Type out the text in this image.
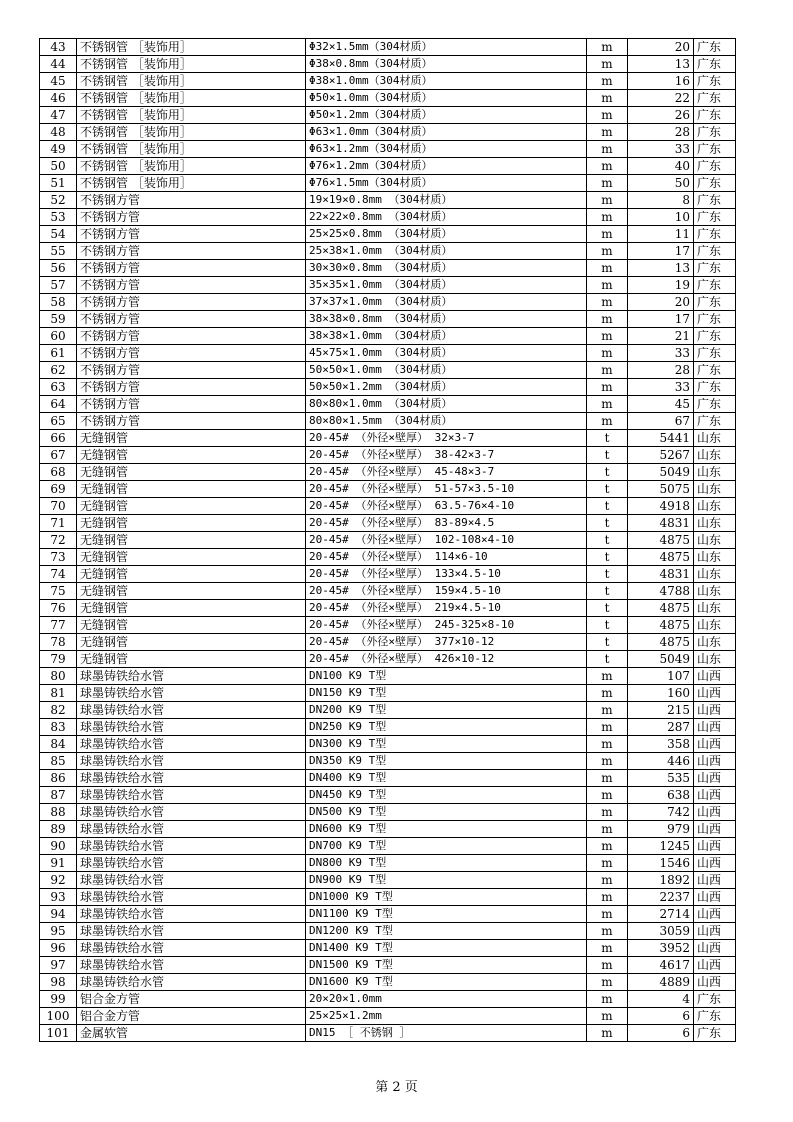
43	不锈钢管 ［装饰用］	Φ32×1.5mm（304材质）	m	20	广东
44	不锈钢管 ［装饰用］	Φ38×0.8mm（304材质）	m	13	广东
45	不锈钢管 ［装饰用］	Φ38×1.0mm（304材质）	m	16	广东
46	不锈钢管 ［装饰用］	Φ50×1.0mm（304材质）	m	22	广东
47	不锈钢管 ［装饰用］	Φ50×1.2mm（304材质）	m	26	广东
48	不锈钢管 ［装饰用］	Φ63×1.0mm（304材质）	m	28	广东
49	不锈钢管 ［装饰用］	Φ63×1.2mm（304材质）	m	33	广东
50	不锈钢管 ［装饰用］	Φ76×1.2mm（304材质）	m	40	广东
51	不锈钢管 ［装饰用］	Φ76×1.5mm（304材质）	m	50	广东
52	不锈钢方管	19×19×0.8mm （304材质）	m	8	广东
53	不锈钢方管	22×22×0.8mm （304材质）	m	10	广东
54	不锈钢方管	25×25×0.8mm （304材质）	m	11	广东
55	不锈钢方管	25×38×1.0mm （304材质）	m	17	广东
56	不锈钢方管	30×30×0.8mm （304材质）	m	13	广东
57	不锈钢方管	35×35×1.0mm （304材质）	m	19	广东
58	不锈钢方管	37×37×1.0mm （304材质）	m	20	广东
59	不锈钢方管	38×38×0.8mm （304材质）	m	17	广东
60	不锈钢方管	38×38×1.0mm （304材质）	m	21	广东
61	不锈钢方管	45×75×1.0mm （304材质）	m	33	广东
62	不锈钢方管	50×50×1.0mm （304材质）	m	28	广东
63	不锈钢方管	50×50×1.2mm （304材质）	m	33	广东
64	不锈钢方管	80×80×1.0mm （304材质）	m	45	广东
65	不锈钢方管	80×80×1.5mm （304材质）	m	67	广东
66	无缝钢管	20-45# （外径×壁厚） 32×3-7	t	5441	山东
67	无缝钢管	20-45# （外径×壁厚） 38-42×3-7	t	5267	山东
68	无缝钢管	20-45# （外径×壁厚） 45-48×3-7	t	5049	山东
69	无缝钢管	20-45# （外径×壁厚） 51-57×3.5-10	t	5075	山东
70	无缝钢管	20-45# （外径×壁厚） 63.5-76×4-10	t	4918	山东
71	无缝钢管	20-45# （外径×壁厚） 83-89×4.5	t	4831	山东
72	无缝钢管	20-45# （外径×壁厚） 102-108×4-10	t	4875	山东
73	无缝钢管	20-45# （外径×壁厚） 114×6-10	t	4875	山东
74	无缝钢管	20-45# （外径×壁厚） 133×4.5-10	t	4831	山东
75	无缝钢管	20-45# （外径×壁厚） 159×4.5-10	t	4788	山东
76	无缝钢管	20-45# （外径×壁厚） 219×4.5-10	t	4875	山东
77	无缝钢管	20-45# （外径×壁厚） 245-325×8-10	t	4875	山东
78	无缝钢管	20-45# （外径×壁厚） 377×10-12	t	4875	山东
79	无缝钢管	20-45# （外径×壁厚） 426×10-12	t	5049	山东
80	球墨铸铁给水管	DN100 K9 T型	m	107	山西
81	球墨铸铁给水管	DN150 K9 T型	m	160	山西
82	球墨铸铁给水管	DN200 K9 T型	m	215	山西
83	球墨铸铁给水管	DN250 K9 T型	m	287	山西
84	球墨铸铁给水管	DN300 K9 T型	m	358	山西
85	球墨铸铁给水管	DN350 K9 T型	m	446	山西
86	球墨铸铁给水管	DN400 K9 T型	m	535	山西
87	球墨铸铁给水管	DN450 K9 T型	m	638	山西
88	球墨铸铁给水管	DN500 K9 T型	m	742	山西
89	球墨铸铁给水管	DN600 K9 T型	m	979	山西
90	球墨铸铁给水管	DN700 K9 T型	m	1245	山西
91	球墨铸铁给水管	DN800 K9 T型	m	1546	山西
92	球墨铸铁给水管	DN900 K9 T型	m	1892	山西
93	球墨铸铁给水管	DN1000 K9 T型	m	2237	山西
94	球墨铸铁给水管	DN1100 K9 T型	m	2714	山西
95	球墨铸铁给水管	DN1200 K9 T型	m	3059	山西
96	球墨铸铁给水管	DN1400 K9 T型	m	3952	山西
97	球墨铸铁给水管	DN1500 K9 T型	m	4617	山西
98	球墨铸铁给水管	DN1600 K9 T型	m	4889	山西
99	铝合金方管	20×20×1.0mm	m	4	广东
100	铝合金方管	25×25×1.2mm	m	6	广东
101	金属软管	DN15 ［ 不锈钢 ］	m	6	广东
第 2 页
